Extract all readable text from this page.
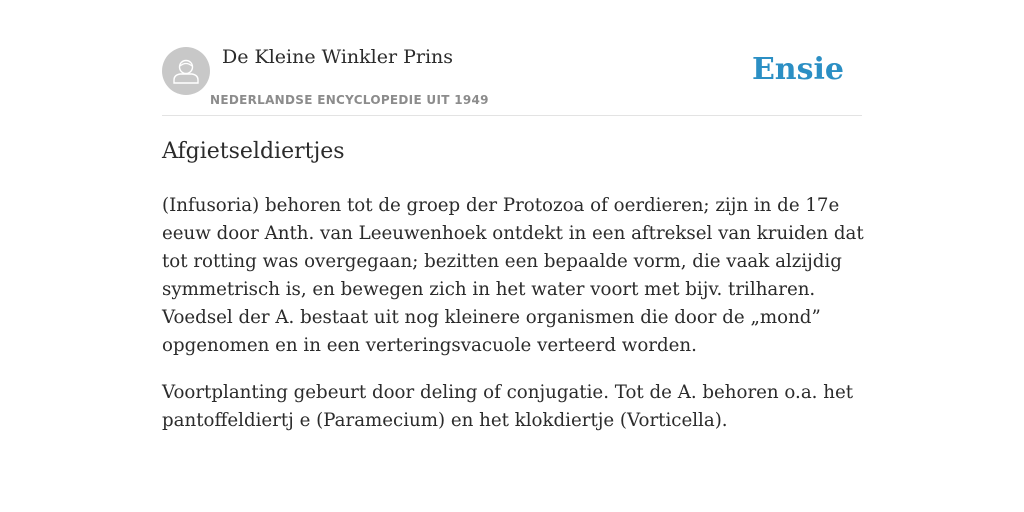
De Kleine Winkler Prins
NEDERLANDSE ENCYCLOPEDIE UIT 1949
Ensie
Afgietseldiertjes

(Infusoria) behoren tot de groep der Protozoa of oerdieren; zijn in de 17e eeuw door Anth. van Leeuwenhoek ontdekt in een aftreksel van kruiden dat tot rotting was overgegaan; bezitten een bepaalde vorm, die vaak alzijdig symmetrisch is, en bewegen zich in het water voort met bijv. trilharen. Voedsel der A. bestaat uit nog kleinere organismen die door de „mond” opgenomen en in een verteringsvacuole verteerd worden.

Voortplanting gebeurt door deling of conjugatie. Tot de A. behoren o.a. het pantoffeldiertj e (Paramecium) en het klokdiertje (Vorticella).
